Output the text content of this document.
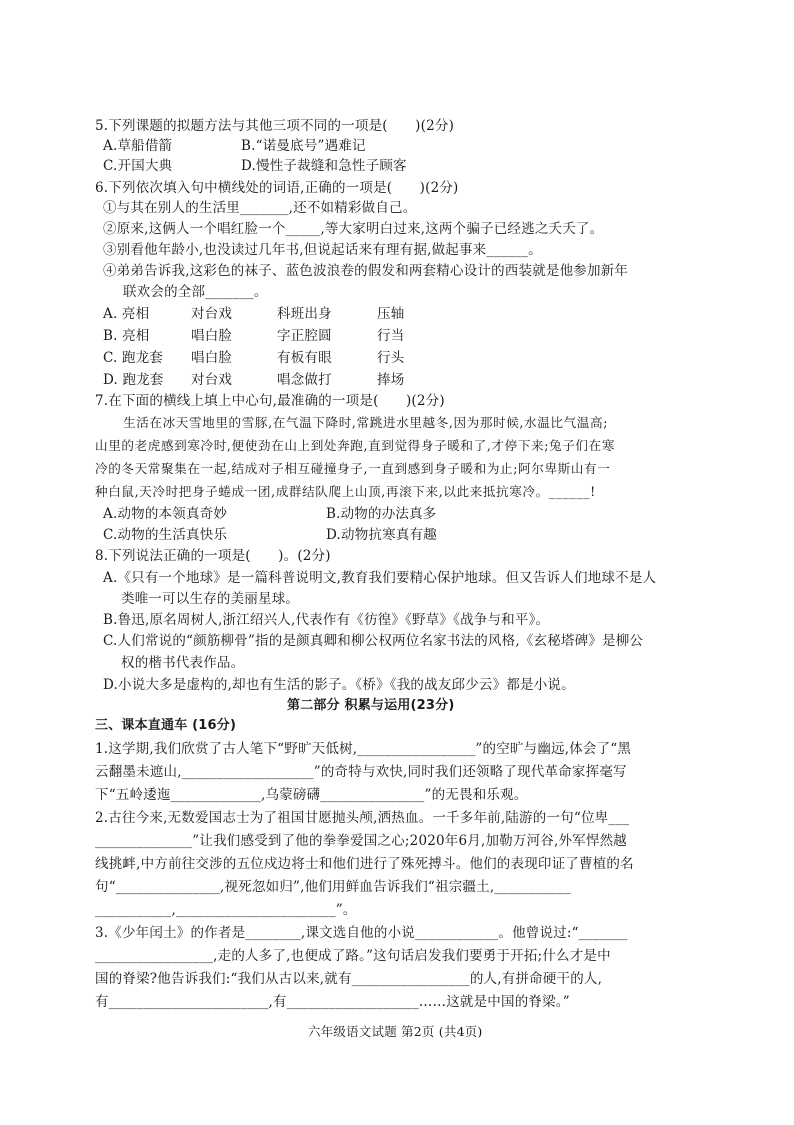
5.下列课题的拟题方法与其他三项不同的一项是(　　)(2分)
A.草船借箭	B.“诺曼底号”遇难记
C.开国大典	D.慢性子裁缝和急性子顾客
6.下列依次填入句中横线处的词语,正确的一项是(　　)(2分)
①与其在别人的生活里_______,还不如精彩做自己。
②原来,这俩人一个唱红脸一个_____,等大家明白过来,这两个骗子已经逃之夭夭了。
③别看他年龄小,也没读过几年书,但说起话来有理有据,做起事来______。
④弟弟告诉我,这彩色的袜子、蓝色波浪卷的假发和两套精心设计的西装就是他参加新年
联欢会的全部_______。
A. 亮相	对台戏	科班出身	压轴
B. 亮相	唱白脸	字正腔圆	行当
C. 跑龙套 唱白脸	有板有眼	行头
D. 跑龙套 对台戏	唱念做打	捧场
7.在下面的横线上填上中心句,最准确的一项是(　　)(2分)
生活在冰天雪地里的雪豚,在气温下降时,常跳进水里越冬,因为那时候,水温比气温高;
山里的老虎感到寒冷时,便使劲在山上到处奔跑,直到觉得身子暖和了,才停下来;兔子们在寒
冷的冬天常聚集在一起,结成对子相互碰撞身子,一直到感到身子暖和为止;阿尔卑斯山有一
种白鼠,天冷时把身子蜷成一团,成群结队爬上山顶,再滚下来,以此来抵抗寒冷。______!
A.动物的本领真奇妙	B.动物的办法真多
C.动物的生活真快乐	D.动物抗寒真有趣
8.下列说法正确的一项是(　　)。(2分)
A.《只有一个地球》是一篇科普说明文,教育我们要精心保护地球。但又告诉人们地球不是人
类唯一可以生存的美丽星球。
B.鲁迅,原名周树人,浙江绍兴人,代表作有《彷徨》《野草》《战争与和平》。
C.人们常说的“颜筋柳骨”指的是颜真卿和柳公权两位名家书法的风格,《玄秘塔碑》是柳公
权的楷书代表作品。
D.小说大多是虚构的,却也有生活的影子。《桥》《我的战友邱少云》都是小说。
第二部分 积累与运用(23分)
三、课本直通车 (16分)
1.这学期,我们欣赏了古人笔下“野旷天低树,_________________”的空旷与幽远,体会了“黑
云翻墨未遮山,___________________”的奇特与欢快,同时我们还领略了现代革命家挥毫写
下“五岭逶迤_____________,乌蒙磅礴_______________”的无畏和乐观。
2.古往今来,无数爱国志士为了祖国甘愿抛头颅,洒热血。一千多年前,陆游的一句“位卑___
______________”让我们感受到了他的拳拳爱国之心;2020年6月,加勒万河谷,外军悍然越
线挑衅,中方前往交涉的五位戍边将士和他们进行了殊死搏斗。他们的表现印证了曹植的名
句“_______________,视死忽如归”,他们用鲜血告诉我们“祖宗疆土,___________
___________,_______________________”。
3.《少年闰土》的作者是________,课文选自他的小说____________。他曾说过:“_______
_________________,走的人多了,也便成了路。”这句话启发我们要勇于开拓;什么才是中
国的脊梁?他告诉我们:“我们从古以来,就有_________________的人,有拼命硬干的人,
有_______________________,有___________________……这就是中国的脊梁。”
六年级语文试题 第2页 (共4页)
